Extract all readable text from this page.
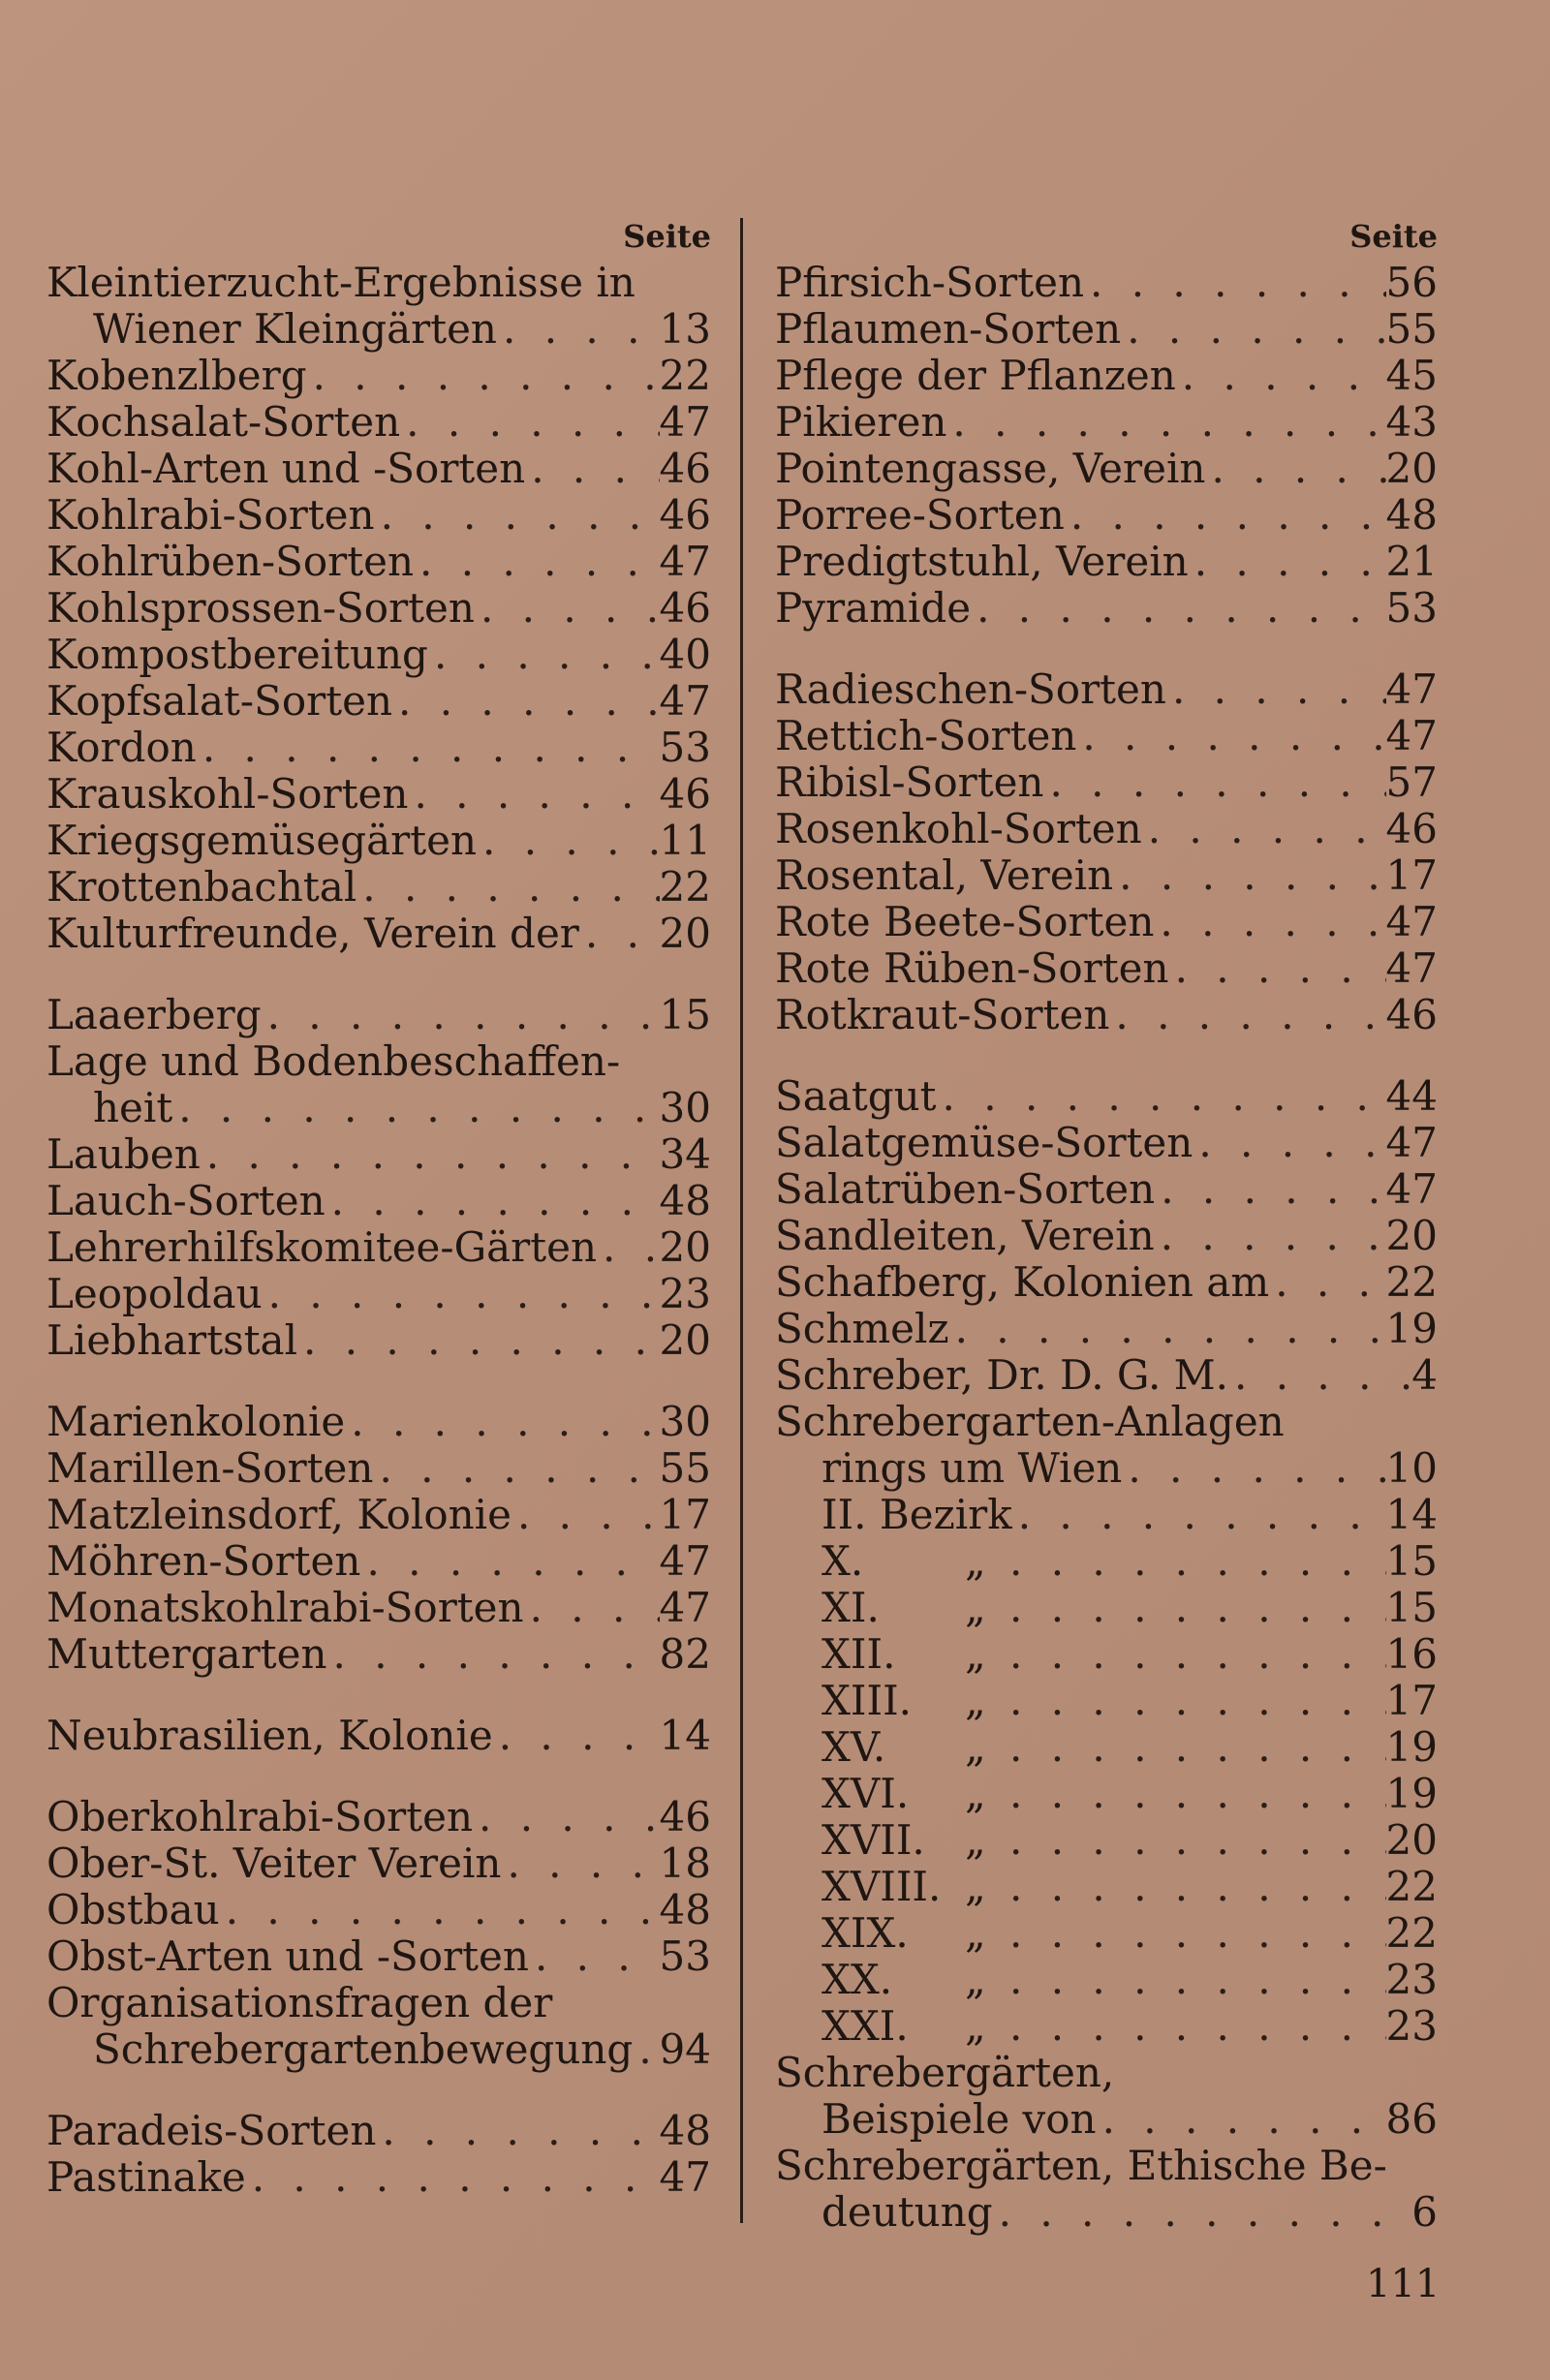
Seite
Kleintierzucht-Ergebnisse in
Wiener Kleingärten . . .	13
Kobenzlberg . . .	22
Kochsalat-Sorten . . .	47
Kohl-Arten und -Sorten . . .	46
Kohlrabi-Sorten . . .	46
Kohlrüben-Sorten . . .	47
Kohlsprossen-Sorten . . .	46
Kompostbereitung . . .	40
Kopfsalat-Sorten . . .	47
Kordon . . .	53
Krauskohl-Sorten . . .	46
Kriegsgemüsegärten . . .	11
Krottenbachtal . . .	22
Kulturfreunde, Verein der . . . 20
Laaerberg . . .	15
Lage und Bodenbeschaffen-
heit . . .	30
Lauben . . .	34
Lauch-Sorten . . .	48
Lehrerhilfskomitee-Gärten . . . 20
Leopoldau . . .	23
Liebhartstal . . .	20
Marienkolonie . . .	30
Marillen-Sorten . . .	55
Matzleinsdorf, Kolonie . . .	17
Möhren-Sorten . . .	47
Monatskohlrabi-Sorten . . .	47
Muttergarten . . .	82
Neubrasilien, Kolonie . . .	14
Oberkohlrabi-Sorten . . .	46
Ober-St. Veiter Verein . . .	18
Obstbau . . .	48
Obst-Arten und -Sorten . . .	53
Organisationsfragen der
Schrebergartenbewegung . . . 94
Paradeis-Sorten . . .	48
Pastinake . . .	47
Seite
Pfirsich-Sorten . . .	56
Pflaumen-Sorten . . .	55
Pflege der Pflanzen . . .	45
Pikieren . . .	43
Pointengasse, Verein . . .	20
Porree-Sorten . . .	48
Predigtstuhl, Verein . . .	21
Pyramide . . .	53
Radieschen-Sorten . . .	47
Rettich-Sorten . . .	47
Ribisl-Sorten . . .	57
Rosenkohl-Sorten . . .	46
Rosental, Verein . . .	17
Rote Beete-Sorten . . .	47
Rote Rüben-Sorten . . .	47
Rotkraut-Sorten . . .	46
Saatgut . . .	44
Salatgemüse-Sorten . . .	47
Salatrüben-Sorten . . .	47
Sandleiten, Verein . . .	20
Schafberg, Kolonien am . . .	22
Schmelz . . .	19
Schreber, Dr. D. G. M. . . .	4
Schrebergarten-Anlagen
rings um Wien . . .	10
II. Bezirk . . .	14
X.	„ . . .	15
XI.	„ . . .	15
XII.	„ . . .	16
XIII.	„ . . .	17
XV.	„ . . .	19
XVI.	„ . . .	19
XVII. „ . . .	20
XVIII. „ . . .	22
XIX.	„ . . .	22
XX.	„ . . .	23
XXI.	„ . . .	23
Schrebergärten,
Beispiele von . . .	86
Schrebergärten, Ethische Be-
deutung . . .	6
111
